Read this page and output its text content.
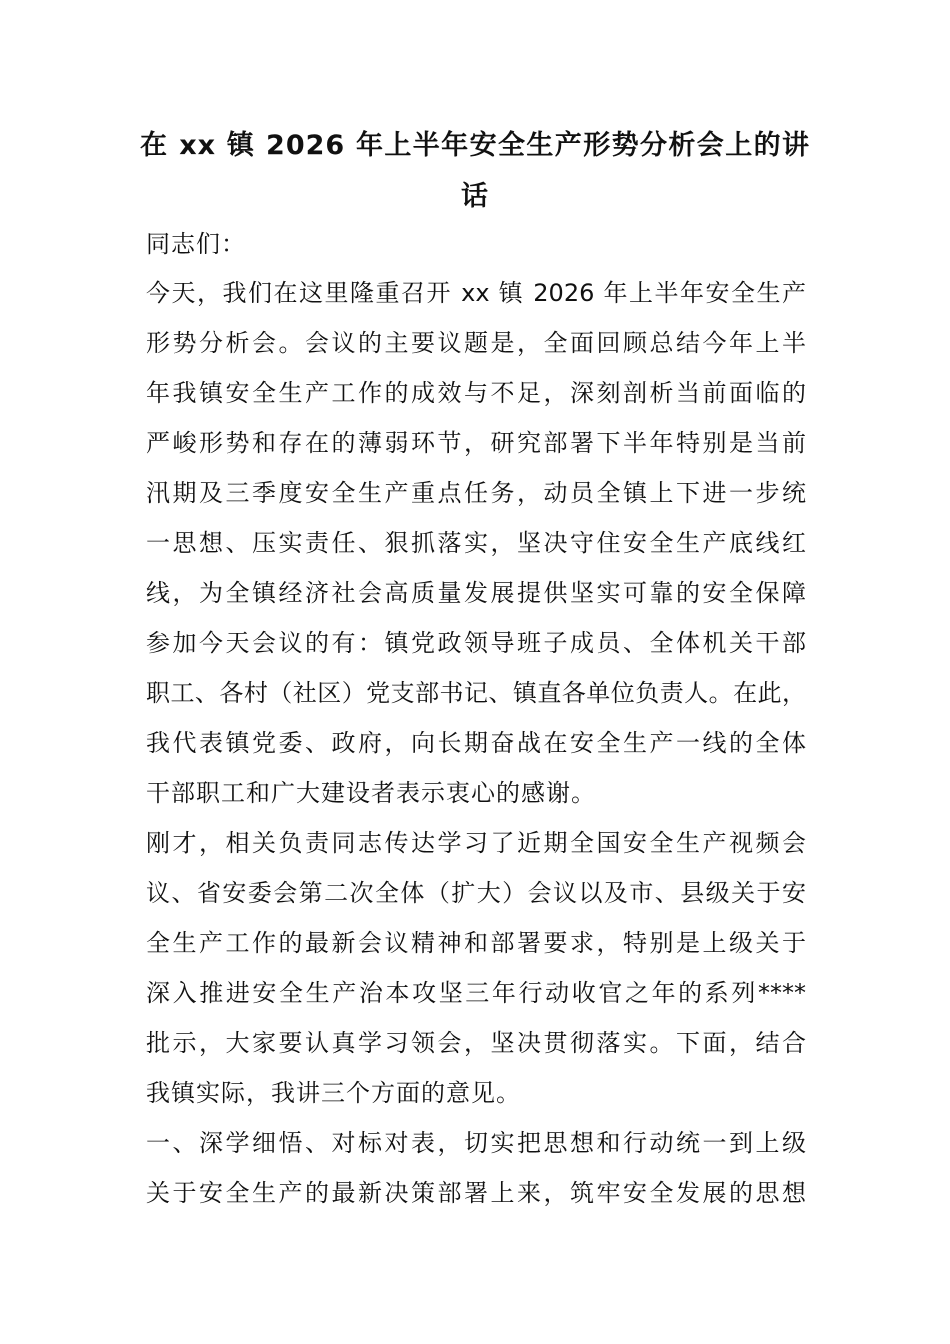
在 xx 镇 2026 年上半年安全生产形势分析会上的讲
话

同志们：

今天，我们在这里隆重召开 xx 镇 2026 年上半年安全生产

形势分析会。会议的主要议题是，全面回顾总结今年上半

年我镇安全生产工作的成效与不足，深刻剖析当前面临的

严峻形势和存在的薄弱环节，研究部署下半年特别是当前

汛期及三季度安全生产重点任务，动员全镇上下进一步统

一思想、压实责任、狠抓落实，坚决守住安全生产底线红

线，为全镇经济社会高质量发展提供坚实可靠的安全保障

参加今天会议的有：镇党政领导班子成员、全体机关干部

职工、各村（社区）党支部书记、镇直各单位负责人。在此，

我代表镇党委、政府，向长期奋战在安全生产一线的全体

干部职工和广大建设者表示衷心的感谢。

刚才，相关负责同志传达学习了近期全国安全生产视频会

议、省安委会第二次全体（扩大）会议以及市、县级关于安

全生产工作的最新会议精神和部署要求，特别是上级关于

深入推进安全生产治本攻坚三年行动收官之年的系列****

批示，大家要认真学习领会，坚决贯彻落实。下面，结合

我镇实际，我讲三个方面的意见。

一、深学细悟、对标对表，切实把思想和行动统一到上级

关于安全生产的最新决策部署上来，筑牢安全发展的思想
